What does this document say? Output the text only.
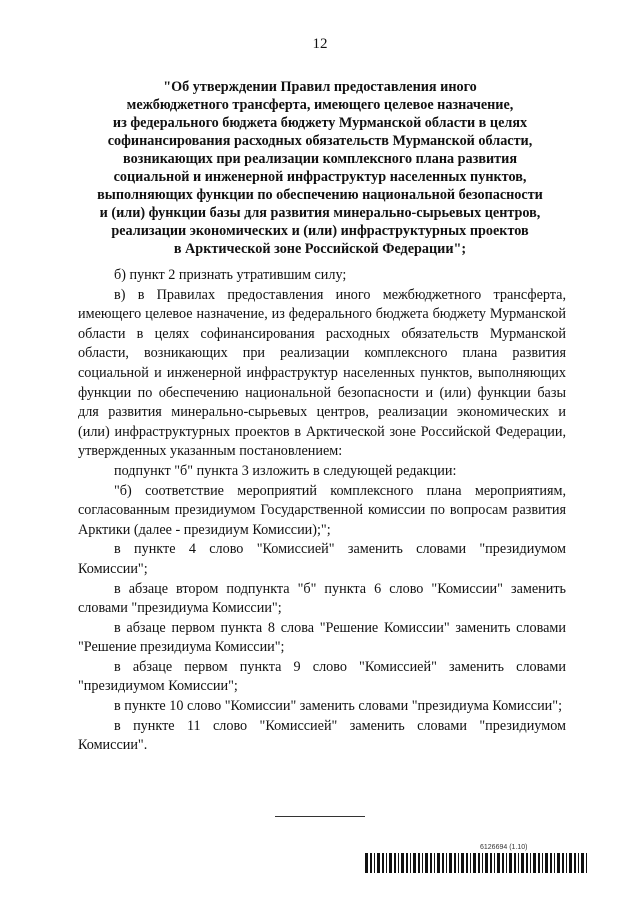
12
"Об утверждении Правил предоставления иного
межбюджетного трансферта, имеющего целевое назначение,
из федерального бюджета бюджету Мурманской области в целях
софинансирования расходных обязательств Мурманской области,
возникающих при реализации комплексного плана развития
социальной и инженерной инфраструктур населенных пунктов,
выполняющих функции по обеспечению национальной безопасности
и (или) функции базы для развития минерально-сырьевых центров,
реализации экономических и (или) инфраструктурных проектов
в Арктической зоне Российской Федерации";

б) пункт 2 признать утратившим силу;

в) в Правилах предоставления иного межбюджетного трансферта, имеющего целевое назначение, из федерального бюджета бюджету Мурманской области в целях софинансирования расходных обязательств Мурманской области, возникающих при реализации комплексного плана развития социальной и инженерной инфраструктур населенных пунктов, выполняющих функции по обеспечению национальной безопасности и (или) функции базы для развития минерально-сырьевых центров, реализации экономических и (или) инфраструктурных проектов в Арктической зоне Российской Федерации, утвержденных указанным постановлением:

подпункт "б" пункта 3 изложить в следующей редакции:

"б) соответствие мероприятий комплексного плана мероприятиям, согласованным президиумом Государственной комиссии по вопросам развития Арктики (далее - президиум Комиссии);";

в пункте 4 слово "Комиссией" заменить словами "президиумом Комиссии";

в абзаце втором подпункта "б" пункта 6 слово "Комиссии" заменить словами "президиума Комиссии";

в абзаце первом пункта 8 слова "Решение Комиссии" заменить словами "Решение президиума Комиссии";

в абзаце первом пункта 9 слово "Комиссией" заменить словами "президиумом Комиссии";

в пункте 10 слово "Комиссии" заменить словами "президиума Комиссии";

в пункте 11 слово "Комиссией" заменить словами "президиумом Комиссии".

6126694 (1.10)
